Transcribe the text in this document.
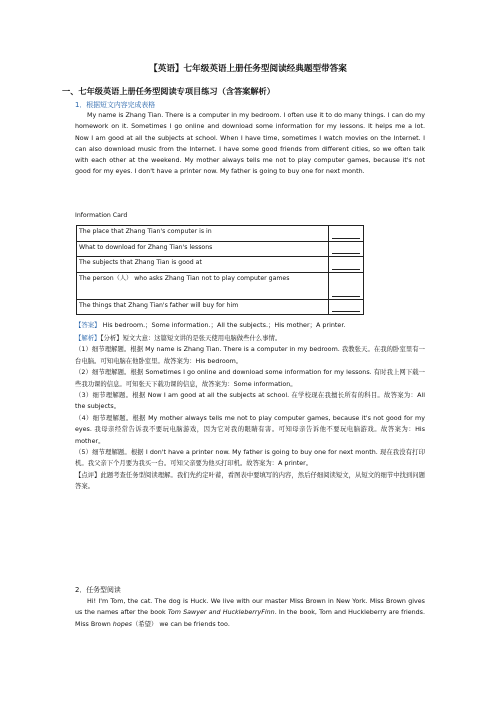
【英语】七年级英语上册任务型阅读经典题型带答案
一、七年级英语上册任务型阅读专项目练习（含答案解析）
1．根据短文内容完成表格
My name is Zhang Tian. There is a computer in my bedroom. I often use it to do many things. I can do my homework on it. Sometimes I go online and download some information for my lessons. It helps me a lot. Now I am good at all the subjects at school. When I have time, sometimes I watch movies on the Internet. I can also download music from the Internet. I have some good friends from different cities, so we often talk with each other at the weekend. My mother always tells me not to play computer games, because it's not good for my eyes. I don't have a printer now. My father is going to buy one for next month.
Information Card
The place that Zhang Tian's computer is in	

What to download for Zhang Tian's lessons	

The subjects that Zhang Tian is good at	

The person（人） who asks Zhang Tian not to play computer games	

The things that Zhang Tian's father will buy for him	
【答案】 His bedroom.；Some information.；All the subjects.；His mother；A printer.

【解析】【分析】短文大意：这篇短文讲的是张天使用电脑做些什么事情。

（1）细节理解题。根据 My name is Zhang Tian. There is a computer in my bedroom. 我教张天。在我的卧室里有一台电脑。可知电脑在他卧室里。故答案为：His bedroom。

（2）细节理解题。根据 Sometimes I go online and download some information for my lessons. 有时我上网下载一些我功课的信息。可知张天下载功课的信息，故答案为：Some information。

（3）细节理解题。根据 Now I am good at all the subjects at school. 在学校现在我擅长所有的科目。故答案为：All the subjects。

（4）细节理解题。根据 My mother always tells me not to play computer games, because it's not good for my eyes. 我母亲经常告诉我不要玩电脑游戏，因为它对我的眼睛有害。可知母亲告诉他不要玩电脑游戏。故答案为：His mother。

（5）细节理解题。根据 I don't have a printer now. My father is going to buy one for next month. 现在我没有打印机。我父亲下个月要为我买一台。可知父亲要为他买打印机。故答案为：A printer。

【点评】此题考查任务型阅读理解。我们先约定叶蓄，看图表中要填写的内容，然后仔细阅读短文，从短文的细节中找到问题答案。

2．任务型阅读

Hi! I'm Tom, the cat. The dog is Huck. We live with our master Miss Brown in New York. Miss Brown gives us the names after the book Tom Sawyer and HuckleberryFinn. In the book, Tom and Huckleberry are friends. Miss Brown hopes（希望） we can be friends too.
